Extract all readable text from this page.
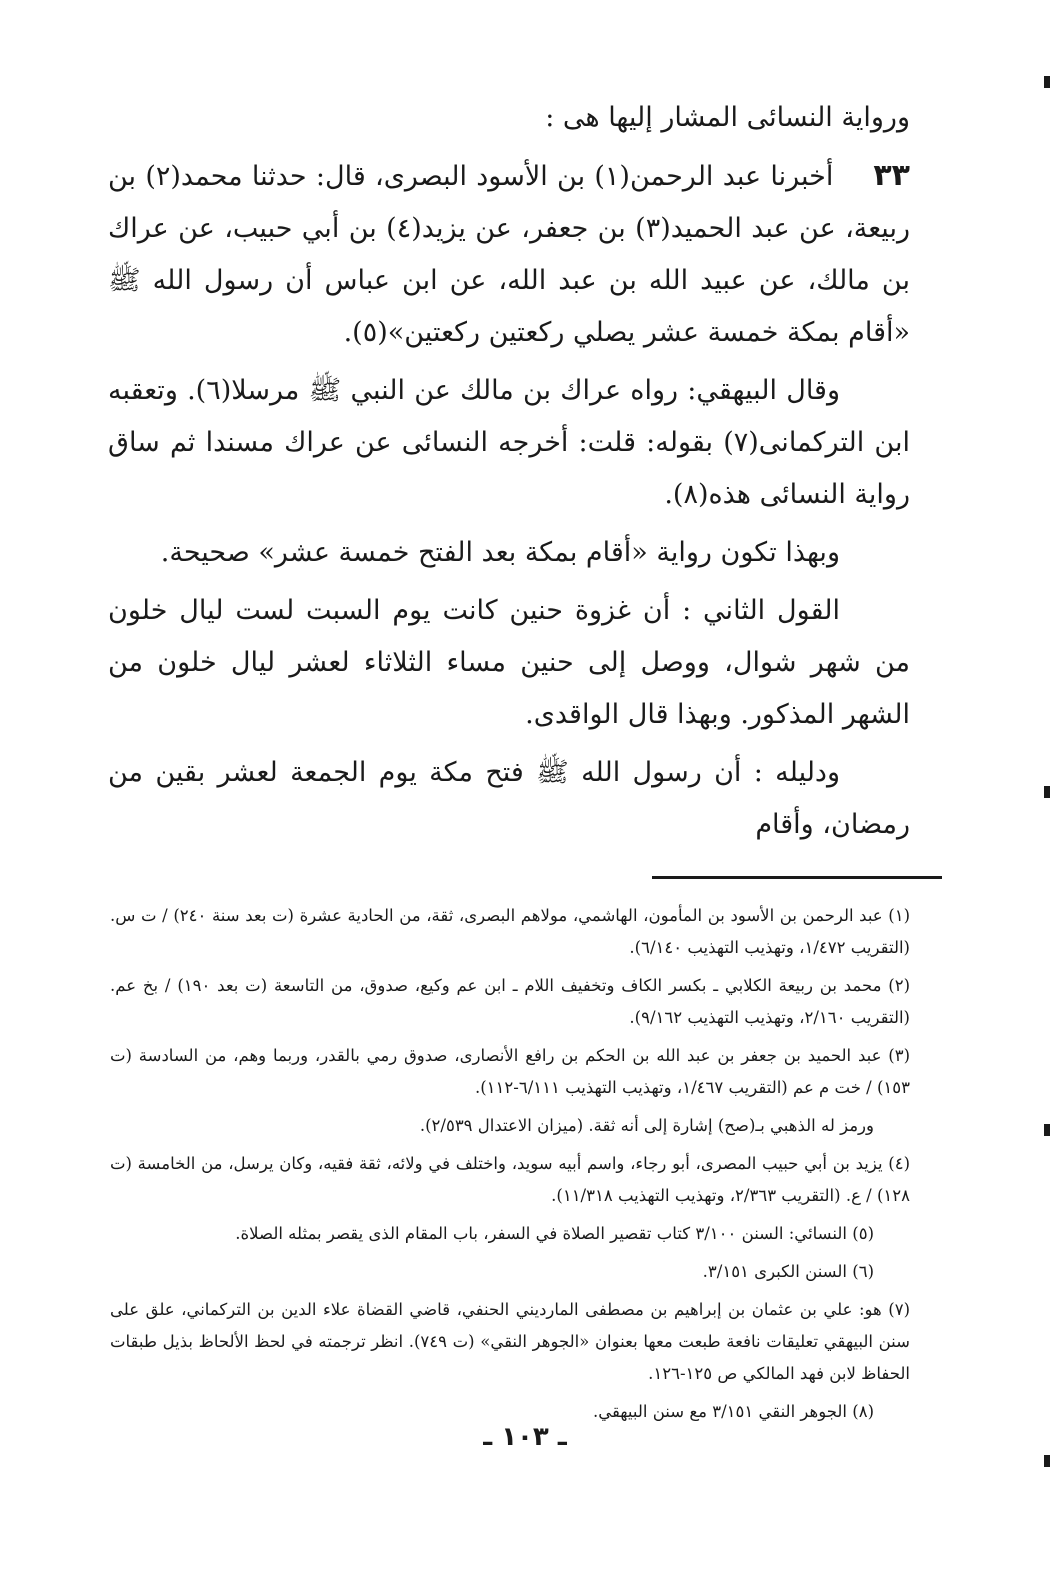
ورواية النسائى المشار إليها هى :

٣٣أخبرنا عبد الرحمن(١) بن الأسود البصرى، قال: حدثنا محمد(٢) بن ربيعة، عن عبد الحميد(٣) بن جعفر، عن يزيد(٤) بن أبي حبيب، عن عراك بن مالك، عن عبيد الله بن عبد الله، عن ابن عباس أن رسول الله ﷺ «أقام بمكة خمسة عشر يصلي ركعتين ركعتين»(٥).

وقال البيهقي: رواه عراك بن مالك عن النبي ﷺ مرسلا(٦). وتعقبه ابن التركمانى(٧) بقوله: قلت: أخرجه النسائى عن عراك مسندا ثم ساق رواية النسائى هذه(٨).

وبهذا تكون رواية «أقام بمكة بعد الفتح خمسة عشر» صحيحة.

القول الثاني : أن غزوة حنين كانت يوم السبت لست ليال خلون من شهر شوال، ووصل إلى حنين مساء الثلاثاء لعشر ليال خلون من الشهر المذكور. وبهذا قال الواقدى.

ودليله : أن رسول الله ﷺ فتح مكة يوم الجمعة لعشر بقين من رمضان، وأقام

(١) عبد الرحمن بن الأسود بن المأمون، الهاشمي، مولاهم البصرى، ثقة، من الحادية عشرة (ت بعد سنة ٢٤٠) / ت س. (التقريب ١/٤٧٢، وتهذيب التهذيب ٦/١٤٠).

(٢) محمد بن ربيعة الكلابي ـ بكسر الكاف وتخفيف اللام ـ ابن عم وكيع، صدوق، من التاسعة (ت بعد ١٩٠) / بخ عم. (التقريب ٢/١٦٠، وتهذيب التهذيب ٩/١٦٢).

(٣) عبد الحميد بن جعفر بن عبد الله بن الحكم بن رافع الأنصارى، صدوق رمي بالقدر، وربما وهم، من السادسة (ت ١٥٣) / خت م عم (التقريب ١/٤٦٧، وتهذيب التهذيب ٦/١١١-١١٢).

ورمز له الذهبي بـ(صح) إشارة إلى أنه ثقة. (ميزان الاعتدال ٢/٥٣٩).

(٤) يزيد بن أبي حبيب المصرى، أبو رجاء، واسم أبيه سويد، واختلف في ولائه، ثقة فقيه، وكان يرسل، من الخامسة (ت ١٢٨) / ع. (التقريب ٢/٣٦٣، وتهذيب التهذيب ١١/٣١٨).

(٥) النسائي: السنن ٣/١٠٠ كتاب تقصير الصلاة في السفر، باب المقام الذى يقصر بمثله الصلاة.

(٦) السنن الكبرى ٣/١٥١.

(٧) هو: علي بن عثمان بن إبراهيم بن مصطفى المارديني الحنفي، قاضي القضاة علاء الدين بن التركماني، علق على سنن البيهقي تعليقات نافعة طبعت معها بعنوان «الجوهر النقي» (ت ٧٤٩). انظر ترجمته في لحظ الألحاظ بذيل طبقات الحفاظ لابن فهد المالكي ص ١٢٥-١٢٦.

(٨) الجوهر النقي ٣/١٥١ مع سنن البيهقي.

ـ ١٠٣ ـ
